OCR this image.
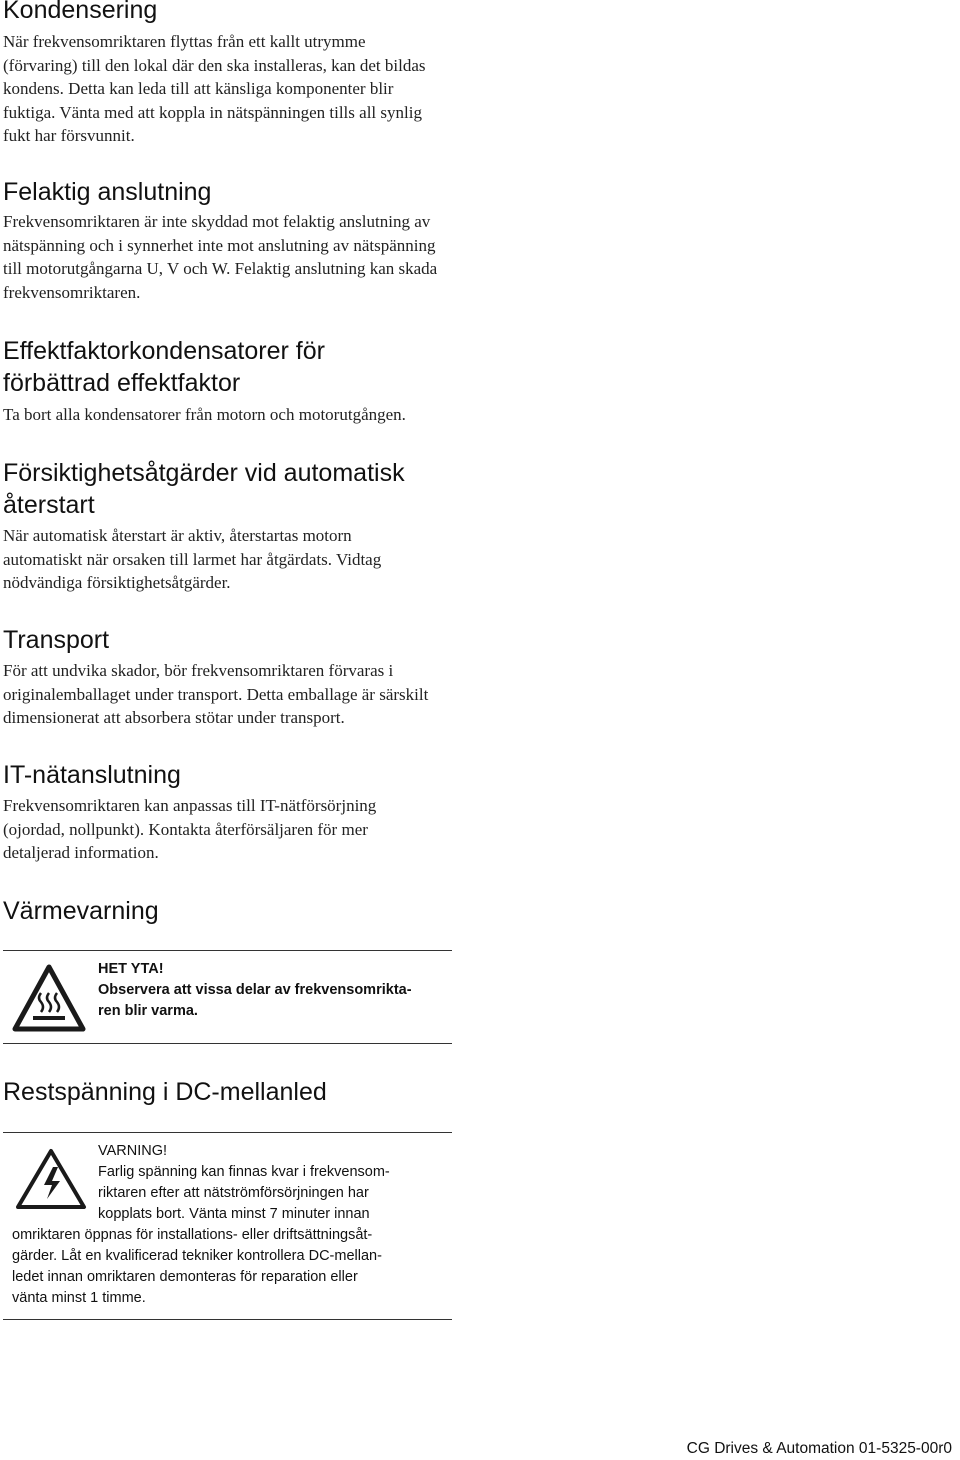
Kondensering

När frekvensomriktaren flyttas från ett kallt utrymme (förvaring) till den lokal där den ska installeras, kan det bildas kondens. Detta kan leda till att känsliga komponenter blir fuktiga. Vänta med att koppla in nätspänningen tills all synlig fukt har försvunnit.

Felaktig anslutning

Frekvensomriktaren är inte skyddad mot felaktig anslutning av nätspänning och i synnerhet inte mot anslutning av nätspänning till motorutgångarna U, V och W. Felaktig anslutning kan skada frekvensomriktaren.

Effektfaktorkondensatorer för
förbättrad effektfaktor

Ta bort alla kondensatorer från motorn och motorutgången.

Försiktighetsåtgärder vid automatisk
återstart

När automatisk återstart är aktiv, återstartas motorn automatiskt när orsaken till larmet har åtgärdats. Vidtag nödvändiga försiktighetsåtgärder.

Transport

För att undvika skador, bör frekvensomriktaren förvaras i originalemballaget under transport. Detta emballage är särskilt dimensionerat att absorbera stötar under transport.

IT-nätanslutning

Frekvensomriktaren kan anpassas till IT-nätförsörjning (ojordad, nollpunkt). Kontakta återförsäljaren för mer detaljerad information.

Värmevarning
Restspänning i DC-mellanled
HET YTA!
Observera att vissa delar av frekvensomrikta-
ren blir varma.
VARNING!
Farlig spänning kan finnas kvar i frekvensom-
riktaren efter att nätströmförsörjningen har
kopplats bort. Vänta minst 7 minuter innan
omriktaren öppnas för installations- eller driftsättningsåt-
gärder. Låt en kvalificerad tekniker kontrollera DC-mellan-
ledet innan omriktaren demonteras för reparation eller
vänta minst 1 timme.
CG Drives & Automation 01-5325-00r0
